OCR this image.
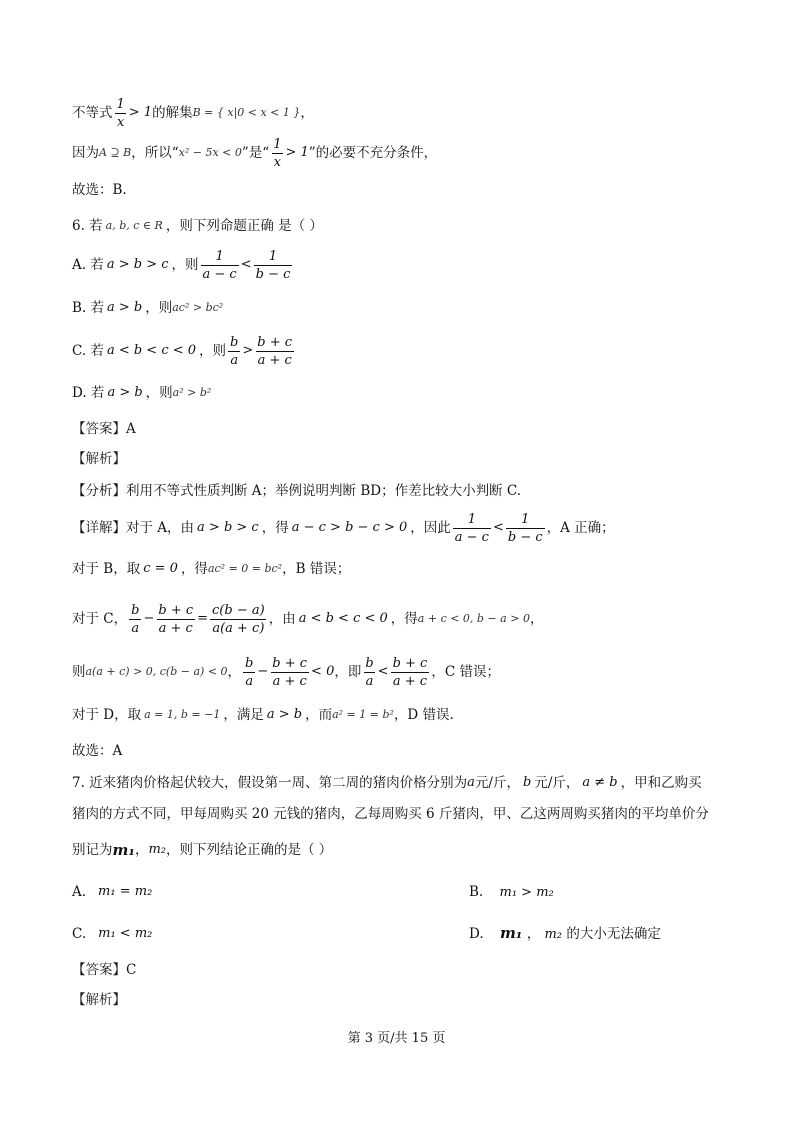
不等式 $\frac{1}{x} > 1$ 的解集 B = { x|0 < x < 1 } ，
因为 A ⊇ B ，所以“ x² − 5x < 0 ”是“ $\frac{1}{x} > 1$ ”的必要不充分条件，
故选：B.
6. 若 a, b, c ∈ R ，则下列命题正确 是（ ）
A. 若 a > b > c ，则 $\frac{1}{a - c} < \frac{1}{b - c}$
B. 若 a > b ，则 ac² > bc²
C. 若 a < b < c < 0 ，则 $\frac{b}{a} > \frac{b + c}{a + c}$
D. 若 a > b ，则 a² > b²
【答案】A
【解析】
【分析】利用不等式性质判断 A；举例说明判断 BD；作差比较大小判断 C.
【详解】对于 A，由 a > b > c ，得 a − c > b − c > 0 ，因此 $\frac{1}{a - c} < \frac{1}{b - c}$ ，A 正确；
对于 B，取 c = 0 ，得 ac² = 0 = bc² ，B 错误；
对于 C， $\frac{b}{a} - \frac{b + c}{a + c} = \frac{c(b - a)}{a(a + c)}$ ，由 a < b < c < 0 ，得 a + c < 0, b − a > 0 ，
则 a(a + c) > 0, c(b − a) < 0 ， $\frac{b}{a} - \frac{b + c}{a + c} < 0$ ，即 $\frac{b}{a} < \frac{b + c}{a + c}$ ，C 错误；
对于 D，取 a = 1, b = −1 ，满足 a > b ，而 a² = 1 = b² ，D 错误.
故选：A
7. 近来猪肉价格起伏较大，假设第一周、第二周的猪肉价格分别为 a 元/斤， b 元/斤， a ≠ b ，甲和乙购买
猪肉的方式不同，甲每周购买 20 元钱的猪肉，乙每周购买 6 斤猪肉，甲、乙这两周购买猪肉的平均单价分
别记为 m₁ ， m₂ ，则下列结论正确的是（ ）
A. m₁ = m₂	B. m₁ > m₂
C. m₁ < m₂	D. m₁ ， m₂ 的大小无法确定
【答案】C
【解析】
第 3 页/共 15 页
